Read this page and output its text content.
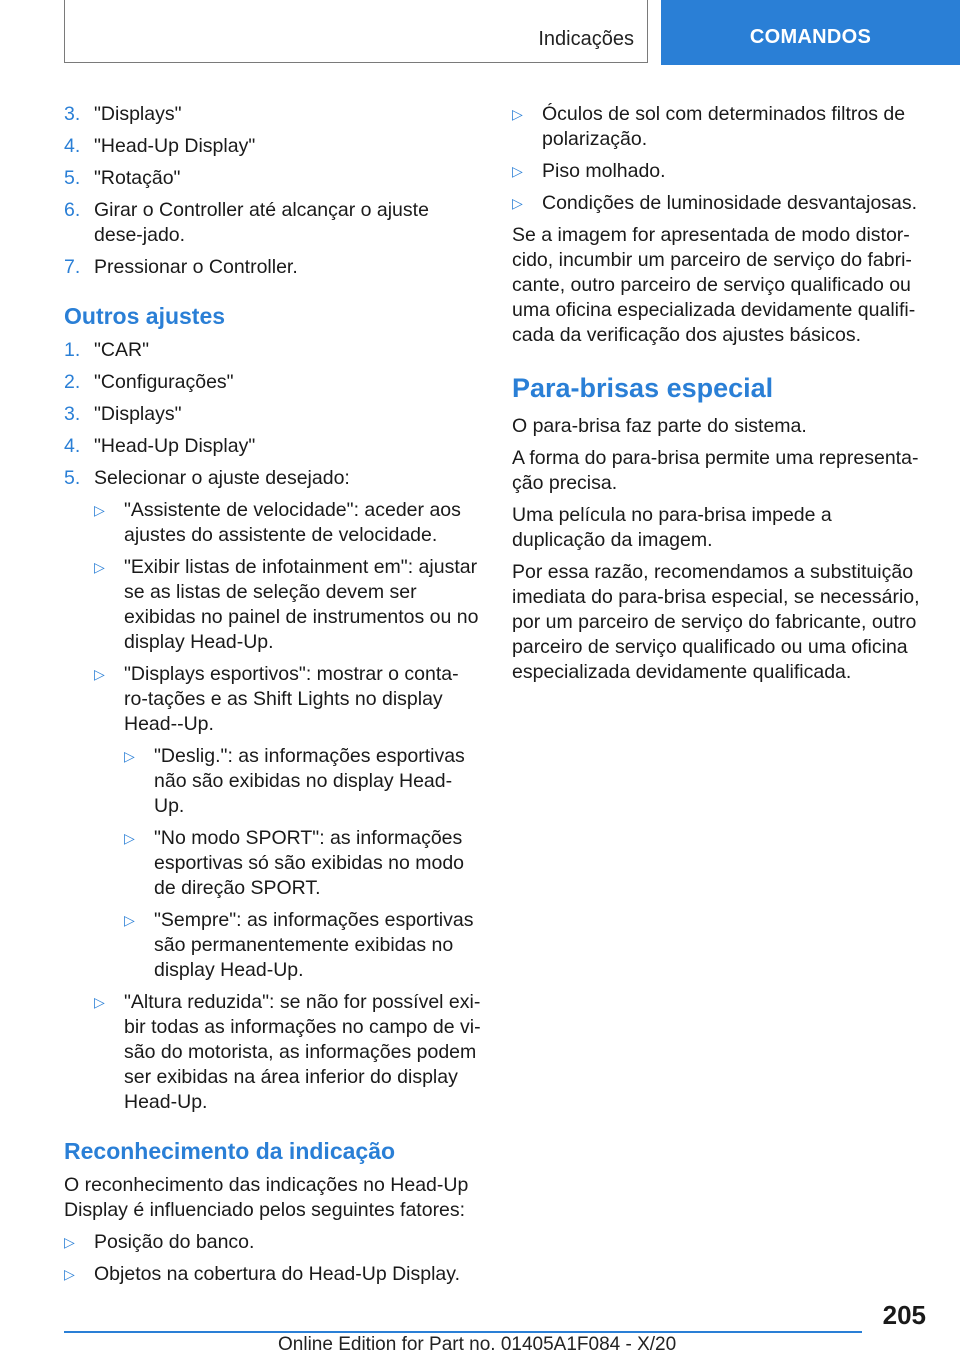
Indicações	COMANDOS
3. "Displays"
4. "Head-Up Display"
5. "Rotação"
6. Girar o Controller até alcançar o ajuste dese-jado.
7. Pressionar o Controller.
Outros ajustes
1. "CAR"
2. "Configurações"
3. "Displays"
4. "Head-Up Display"
5. Selecionar o ajuste desejado:
▷ "Assistente de velocidade": aceder aos ajustes do assistente de velocidade.
▷ "Exibir listas de infotainment em": ajustar se as listas de seleção devem ser exibidas no painel de instrumentos ou no display Head-Up.
▷ "Displays esportivos": mostrar o conta-ro-tações e as Shift Lights no display Head--Up.
▷ "Deslig.": as informações esportivas não são exibidas no display Head-Up.
▷ "No modo SPORT": as informações esportivas só são exibidas no modo de direção SPORT.
▷ "Sempre": as informações esportivas são permanentemente exibidas no display Head-Up.
▷ "Altura reduzida": se não for possível exi-bir todas as informações no campo de vi-são do motorista, as informações podem ser exibidas na área inferior do display Head-Up.
Reconhecimento da indicação
O reconhecimento das indicações no Head-Up Display é influenciado pelos seguintes fatores:
▷ Posição do banco.
▷ Objetos na cobertura do Head-Up Display.
▷ Óculos de sol com determinados filtros de polarização.
▷ Piso molhado.
▷ Condições de luminosidade desvantajosas.
Se a imagem for apresentada de modo distor-cido, incumbir um parceiro de serviço do fabri-cante, outro parceiro de serviço qualificado ou uma oficina especializada devidamente qualifi-cada da verificação dos ajustes básicos.
Para-brisas especial
O para-brisa faz parte do sistema.
A forma do para-brisa permite uma representa-ção precisa.
Uma película no para-brisa impede a duplicação da imagem.
Por essa razão, recomendamos a substituição imediata do para-brisa especial, se necessário, por um parceiro de serviço do fabricante, outro parceiro de serviço qualificado ou uma oficina especializada devidamente qualificada.
205
Online Edition for Part no. 01405A1F084 - X/20
